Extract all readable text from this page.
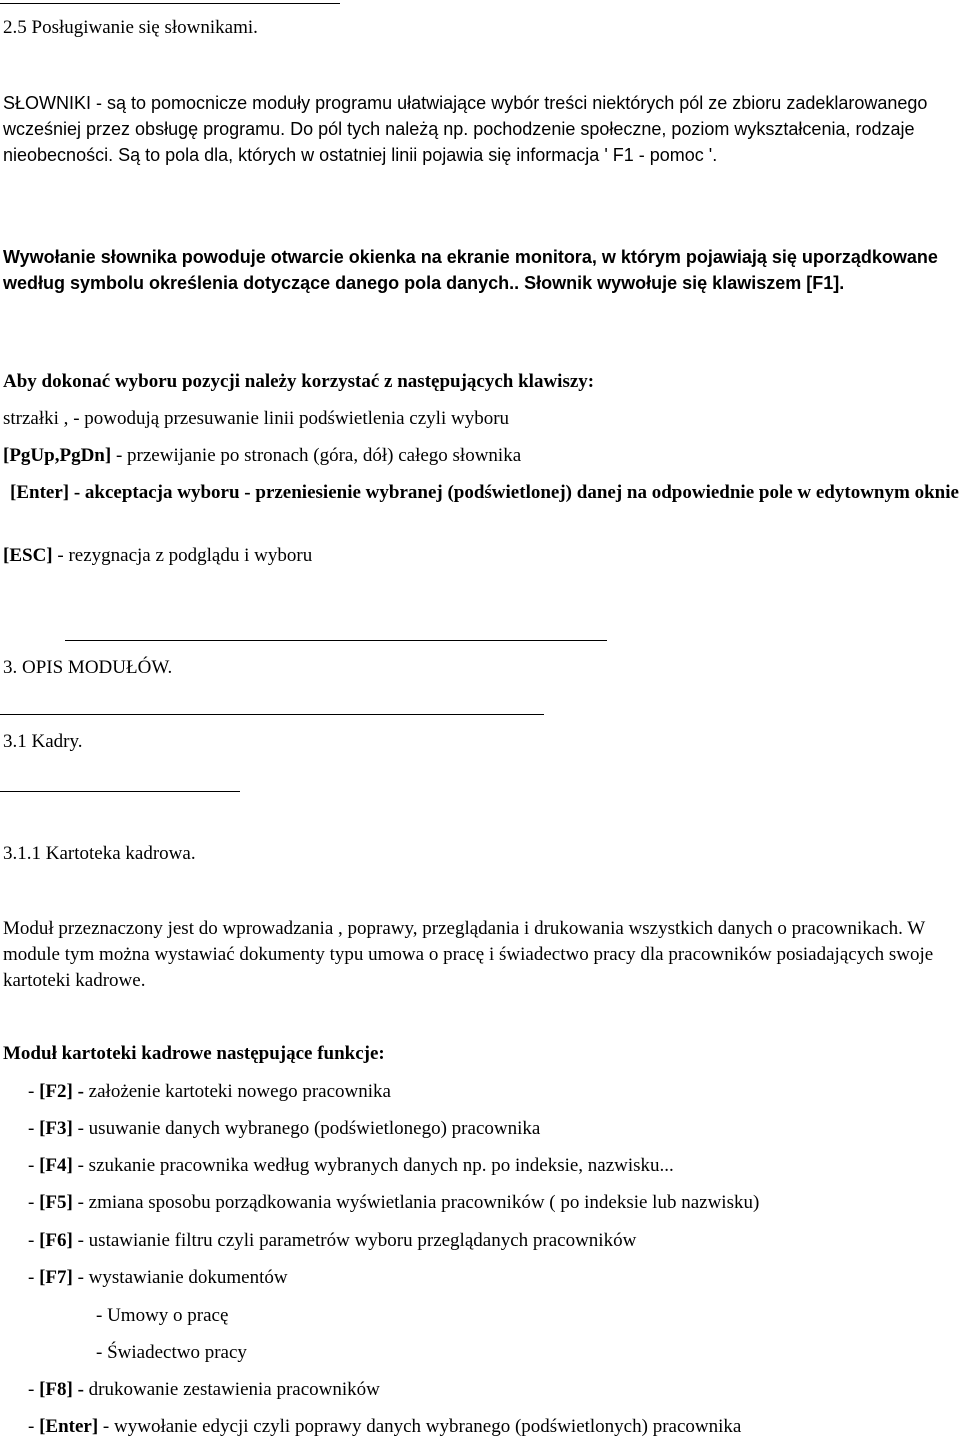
2.5 Posługiwanie się słownikami.

SŁOWNIKI - są to pomocnicze moduły programu ułatwiające wybór treści niektórych pól ze zbioru zadeklarowanego wcześniej przez obsługę programu. Do pól tych należą np. pochodzenie społeczne, poziom wykształcenia, rodzaje nieobecności. Są to pola dla, których w ostatniej linii pojawia się informacja ' F1 - pomoc '.

Wywołanie słownika powoduje otwarcie okienka na ekranie monitora, w którym pojawiają się uporządkowane według symbolu określenia dotyczące danego pola danych.. Słownik wywołuje się klawiszem [F1].

Aby dokonać wyboru pozycji należy korzystać z następujących klawiszy:

strzałki , - powodują przesuwanie linii podświetlenia czyli wyboru

[PgUp,PgDn] - przewijanie po stronach (góra, dół) całego słownika

[Enter] - akceptacja wyboru - przeniesienie wybranej (podświetlonej) danej na odpowiednie pole w edytownym oknie

[ESC] - rezygnacja z podglądu i wyboru

3. OPIS MODUŁÓW.

3.1 Kadry.

3.1.1 Kartoteka kadrowa.

Moduł przeznaczony jest do wprowadzania , poprawy, przeglądania i drukowania wszystkich danych o pracownikach. W module tym można wystawiać dokumenty typu umowa o pracę i świadectwo pracy dla pracowników posiadających swoje kartoteki kadrowe.

Moduł kartoteki kadrowe następujące funkcje:

- [F2] - założenie kartoteki nowego pracownika

- [F3] - usuwanie danych wybranego (podświetlonego) pracownika

- [F4] - szukanie pracownika według wybranych danych np. po indeksie, nazwisku...

- [F5] - zmiana sposobu porządkowania wyświetlania pracowników ( po indeksie lub nazwisku)

- [F6] - ustawianie filtru czyli parametrów wyboru przeglądanych pracowników

- [F7] - wystawianie dokumentów

- Umowy o pracę

- Świadectwo pracy

- [F8] - drukowanie zestawienia pracowników

- [Enter] - wywołanie edycji czyli poprawy danych wybranego (podświetlonych) pracownika
